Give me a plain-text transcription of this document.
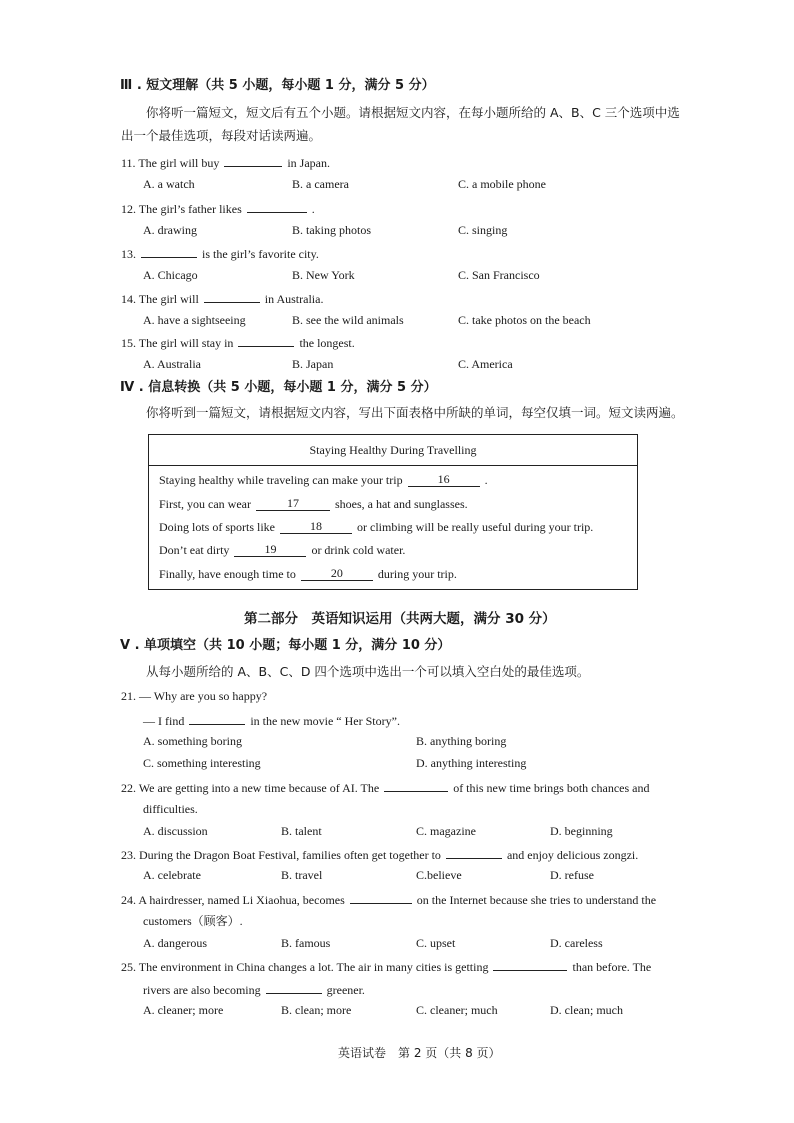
Ⅲ . 短文理解（共 5 小题，每小题 1 分，满分 5 分）
你将听一篇短文，短文后有五个小题。请根据短文内容，在每小题所给的 A、B、C 三个选项中选
出一个最佳选项，每段对话读两遍。
11. The girl will buy	in Japan.
A. a watch	B. a camera	C. a mobile phone
12. The girl’s father likes	.
A. drawing	B. taking photos	C. singing
13.	is the girl’s favorite city.
A. Chicago	B. New York	C. San Francisco
14. The girl will	in Australia.
A. have a sightseeing	B. see the wild animals	C. take photos on the beach
15. The girl will stay in	the longest.
A. Australia	B. Japan	C. America
Ⅳ . 信息转换（共 5 小题，每小题 1 分，满分 5 分）
你将听到一篇短文，请根据短文内容，写出下面表格中所缺的单词，每空仅填一词。短文读两遍。
Staying Healthy During Travelling
Staying healthy while traveling can make your trip	16	.
First, you can wear	17	shoes, a hat and sunglasses.
Doing lots of sports like	18	or climbing will be really useful during your trip.
Don’t eat dirty	19	or drink cold water.
Finally, have enough time to	20	during your trip.
第二部分　英语知识运用（共两大题，满分 30 分）
Ⅴ . 单项填空（共 10 小题；每小题 1 分，满分 10 分）
从每小题所给的 A、B、C、D 四个选项中选出一个可以填入空白处的最佳选项。
21. — Why are you so happy?
— I find	in the new movie “ Her Story”.
A. something boring	B. anything boring
C. something interesting	D. anything interesting
22. We are getting into a new time because of AI. The	of this new time brings both chances and
difficulties.
A. discussion	B. talent	C. magazine	D. beginning
23. During the Dragon Boat Festival, families often get together to	and enjoy delicious zongzi.
A. celebrate	B. travel	C.believe	D. refuse
24. A hairdresser, named Li Xiaohua, becomes	on the Internet because she tries to understand the
customers（顾客）.
A. dangerous	B. famous	C. upset	D. careless
25. The environment in China changes a lot. The air in many cities is getting	than before. The
rivers are also becoming	greener.
A. cleaner; more	B. clean; more	C. cleaner; much	D. clean; much
英语试卷　第 2 页（共 8 页）
